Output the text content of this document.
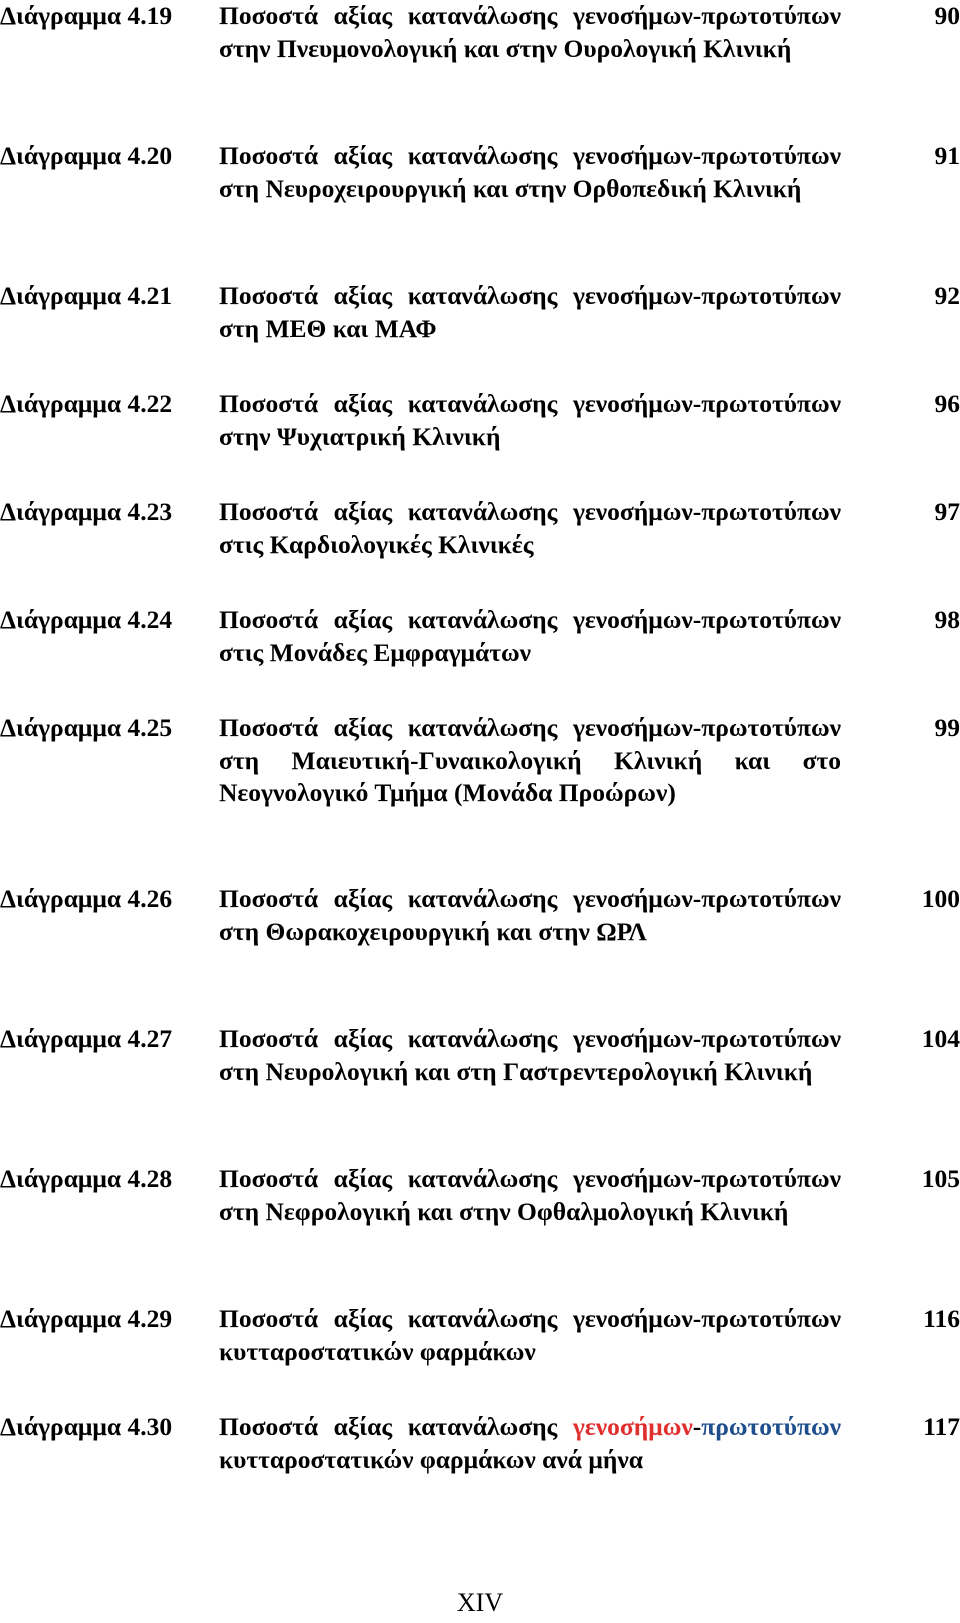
Διάγραμμα 4.19 Ποσοστά αξίας κατανάλωσης γενοσήμων-πρωτοτύπων στην Πνευμονολογική και στην Ουρολογική Κλινική
90
Διάγραμμα 4.20 Ποσοστά αξίας κατανάλωσης γενοσήμων-πρωτοτύπων στη Νευροχειρουργική και στην Ορθοπεδική Κλινική
91
Διάγραμμα 4.21 Ποσοστά αξίας κατανάλωσης γενοσήμων-πρωτοτύπων στη ΜΕΘ και ΜΑΦ
92
Διάγραμμα 4.22 Ποσοστά αξίας κατανάλωσης γενοσήμων-πρωτοτύπων στην Ψυχιατρική Κλινική
96
Διάγραμμα 4.23 Ποσοστά αξίας κατανάλωσης γενοσήμων-πρωτοτύπων στις Καρδιολογικές Κλινικές
97
Διάγραμμα 4.24 Ποσοστά αξίας κατανάλωσης γενοσήμων-πρωτοτύπων στις Μονάδες Εμφραγμάτων
98
Διάγραμμα 4.25 Ποσοστά αξίας κατανάλωσης γενοσήμων-πρωτοτύπων στη Μαιευτική-Γυναικολογική Κλινική και στο Νεογνολογικό Τμήμα (Μονάδα Προώρων)
99
Διάγραμμα 4.26 Ποσοστά αξίας κατανάλωσης γενοσήμων-πρωτοτύπων στη Θωρακοχειρουργική και στην ΩΡΛ
100
Διάγραμμα 4.27 Ποσοστά αξίας κατανάλωσης γενοσήμων-πρωτοτύπων στη Νευρολογική και στη Γαστρεντερολογική Κλινική
104
Διάγραμμα 4.28 Ποσοστά αξίας κατανάλωσης γενοσήμων-πρωτοτύπων στη Νεφρολογική και στην Οφθαλμολογική Κλινική
105
Διάγραμμα 4.29 Ποσοστά αξίας κατανάλωσης γενοσήμων-πρωτοτύπων κυτταροστατικών φαρμάκων
116
Διάγραμμα 4.30 Ποσοστά αξίας κατανάλωσης γενοσήμων-πρωτοτύπων κυτταροστατικών φαρμάκων ανά μήνα
117
XIV
